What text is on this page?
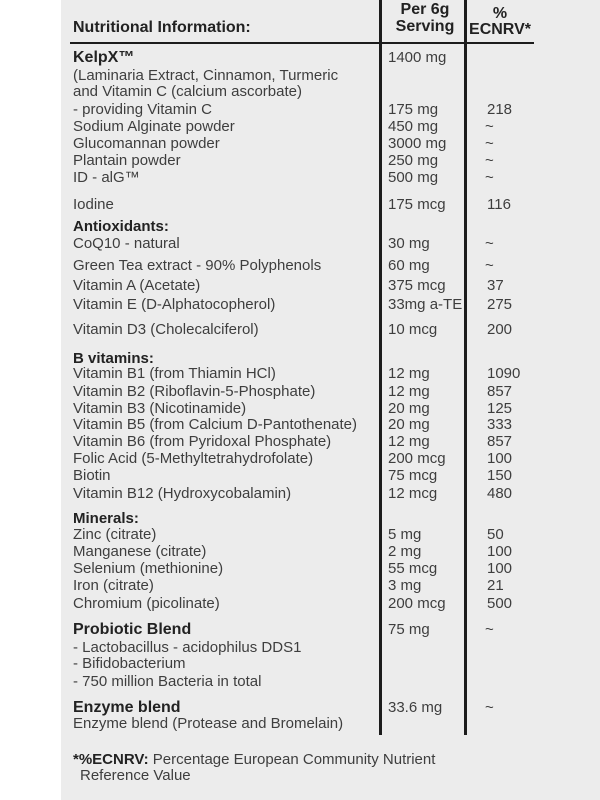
Nutritional Information:
Per 6g
Serving
%
ECNRV*
KelpX™	1400 mg
(Laminaria Extract, Cinnamon, Turmeric
and Vitamin C (calcium ascorbate)
- providing Vitamin C	175 mg	218
Sodium Alginate powder	450 mg	~
Glucomannan powder	3000 mg	~
Plantain powder	250 mg	~
ID - alG™	500 mg	~
Iodine	175 mcg	116
Antioxidants:
CoQ10 - natural	30 mg	~
Green Tea extract - 90% Polyphenols	60 mg	~
Vitamin A (Acetate)	375 mcg	37
Vitamin E (D-Alphatocopherol)	33mg a-TE 275
Vitamin D3 (Cholecalciferol)	10 mcg	200
B vitamins:
Vitamin B1 (from Thiamin HCl)	12 mg	1090
Vitamin B2 (Riboflavin-5-Phosphate)	12 mg	857
Vitamin B3 (Nicotinamide)	20 mg	125
Vitamin B5 (from Calcium D-Pantothenate) 20 mg	333
Vitamin B6 (from Pyridoxal Phosphate)	12 mg	857
Folic Acid (5-Methyltetrahydrofolate)	200 mcg	100
Biotin	75 mcg	150
Vitamin B12 (Hydroxycobalamin)	12 mcg	480
Minerals:
Zinc (citrate)	5 mg	50
Manganese (citrate)	2 mg	100
Selenium (methionine)	55 mcg	100
Iron (citrate)	3 mg	21
Chromium (picolinate)	200 mcg	500
Probiotic Blend	75 mg	~
- Lactobacillus - acidophilus DDS1
- Bifidobacterium
- 750 million Bacteria in total
Enzyme blend	33.6 mg	~
Enzyme blend (Protease and Bromelain)
*%ECNRV: Percentage European Community Nutrient
Reference Value
